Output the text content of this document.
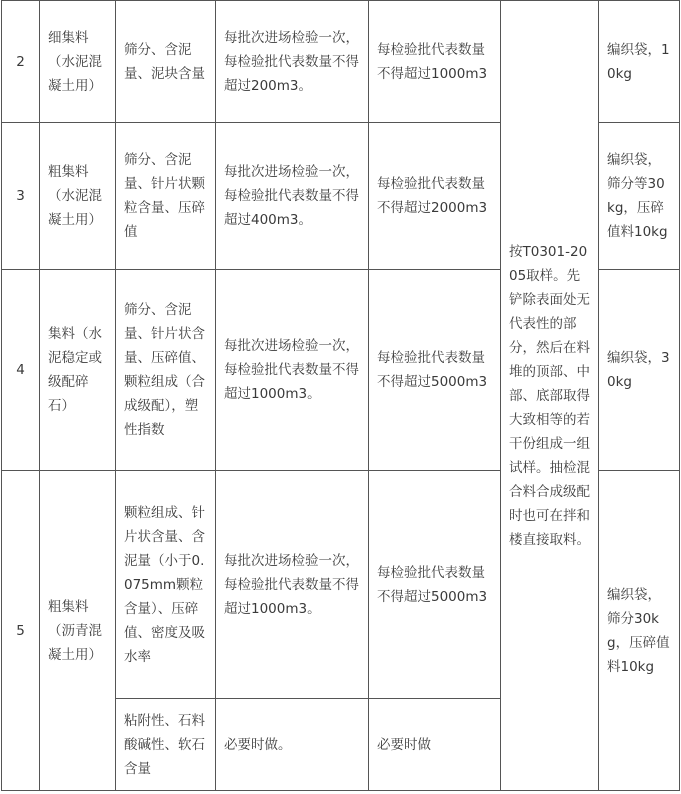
2	细集料（水泥混凝土用）	筛分、含泥量、泥块含量	每批次进场检验一次，每检验批代表数量不得超过200m3。	每检验批代表数量不得超过1000m3	按T0301-2005取样。先铲除表面处无代表性的部分，然后在料堆的顶部、中部、底部取得大致相等的若干份组成一组试样。抽检混合料合成级配时也可在拌和楼直接取料。	编织袋，10kg
3	粗集料（水泥混凝土用）	筛分、含泥量、针片状颗粒含量、压碎值	每批次进场检验一次，每检验批代表数量不得超过400m3。	每检验批代表数量不得超过2000m3		编织袋，筛分等30kg，压碎值料10kg
4	集料（水泥稳定或级配碎石）	筛分、含泥量、针片状含量、压碎值、颗粒组成（合成级配），塑性指数	每批次进场检验一次，每检验批代表数量不得超过1000m3。	每检验批代表数量不得超过5000m3		编织袋，30kg
5	粗集料（沥青混凝土用）	颗粒组成、针片状含量、含泥量（小于0.075mm颗粒含量）、压碎值、密度及吸水率	每批次进场检验一次，每检验批代表数量不得超过1000m3。	每检验批代表数量不得超过5000m3		编织袋，筛分30kg，压碎值料10kg
		粘附性、石料酸碱性、软石含量	必要时做。	必要时做		
